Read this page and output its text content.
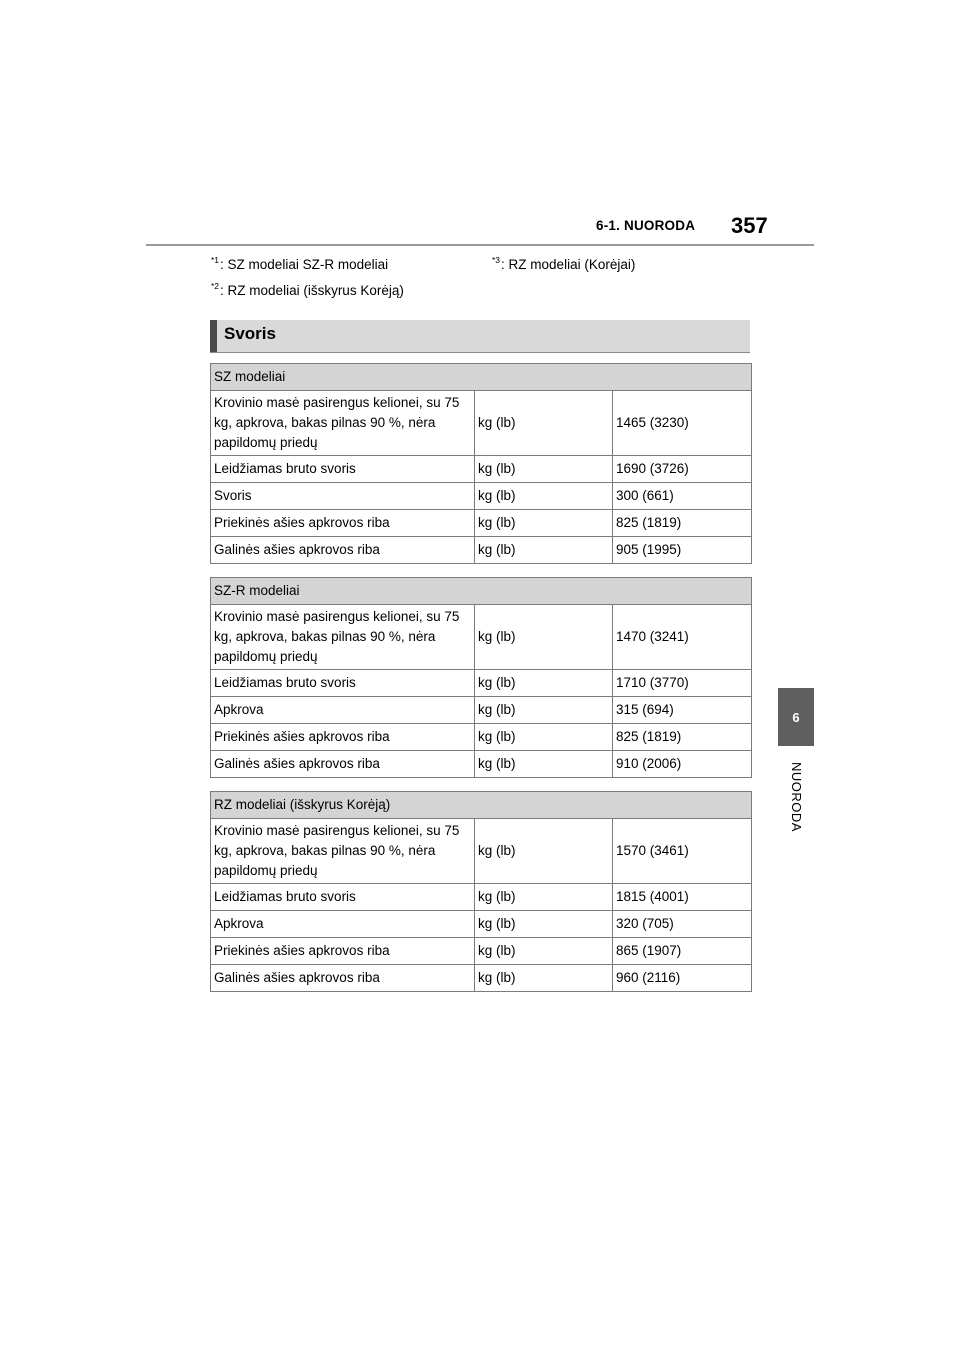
6-1. NUORODA 357
$^{*1}$: SZ modeliai SZ-R modeliai	$^{*3}$: RZ modeliai (Korėjai)
$^{*2}$: RZ modeliai (išskyrus Korėją)
Svoris
SZ modeliai		
Krovinio masė pasirengus kelionei, su 75 kg, apkrova, bakas pilnas 90 %, nėra papildomų priedų	kg (lb)	1465 (3230)
Leidžiamas bruto svoris	kg (lb)	1690 (3726)
Svoris	kg (lb)	300 (661)
Priekinės ašies apkrovos riba	kg (lb)	825 (1819)
Galinės ašies apkrovos riba	kg (lb)	905 (1995)
SZ-R modeliai		
Krovinio masė pasirengus kelionei, su 75 kg, apkrova, bakas pilnas 90 %, nėra papildomų priedų	kg (lb)	1470 (3241)
Leidžiamas bruto svoris	kg (lb)	1710 (3770)
Apkrova	kg (lb)	315 (694)
Priekinės ašies apkrovos riba	kg (lb)	825 (1819)
Galinės ašies apkrovos riba	kg (lb)	910 (2006)
RZ modeliai (išskyrus Korėją)		
Krovinio masė pasirengus kelionei, su 75 kg, apkrova, bakas pilnas 90 %, nėra papildomų priedų	kg (lb)	1570 (3461)
Leidžiamas bruto svoris	kg (lb)	1815 (4001)
Apkrova	kg (lb)	320 (705)
Priekinės ašies apkrovos riba	kg (lb)	865 (1907)
Galinės ašies apkrovos riba	kg (lb)	960 (2116)
6
NUORODA
